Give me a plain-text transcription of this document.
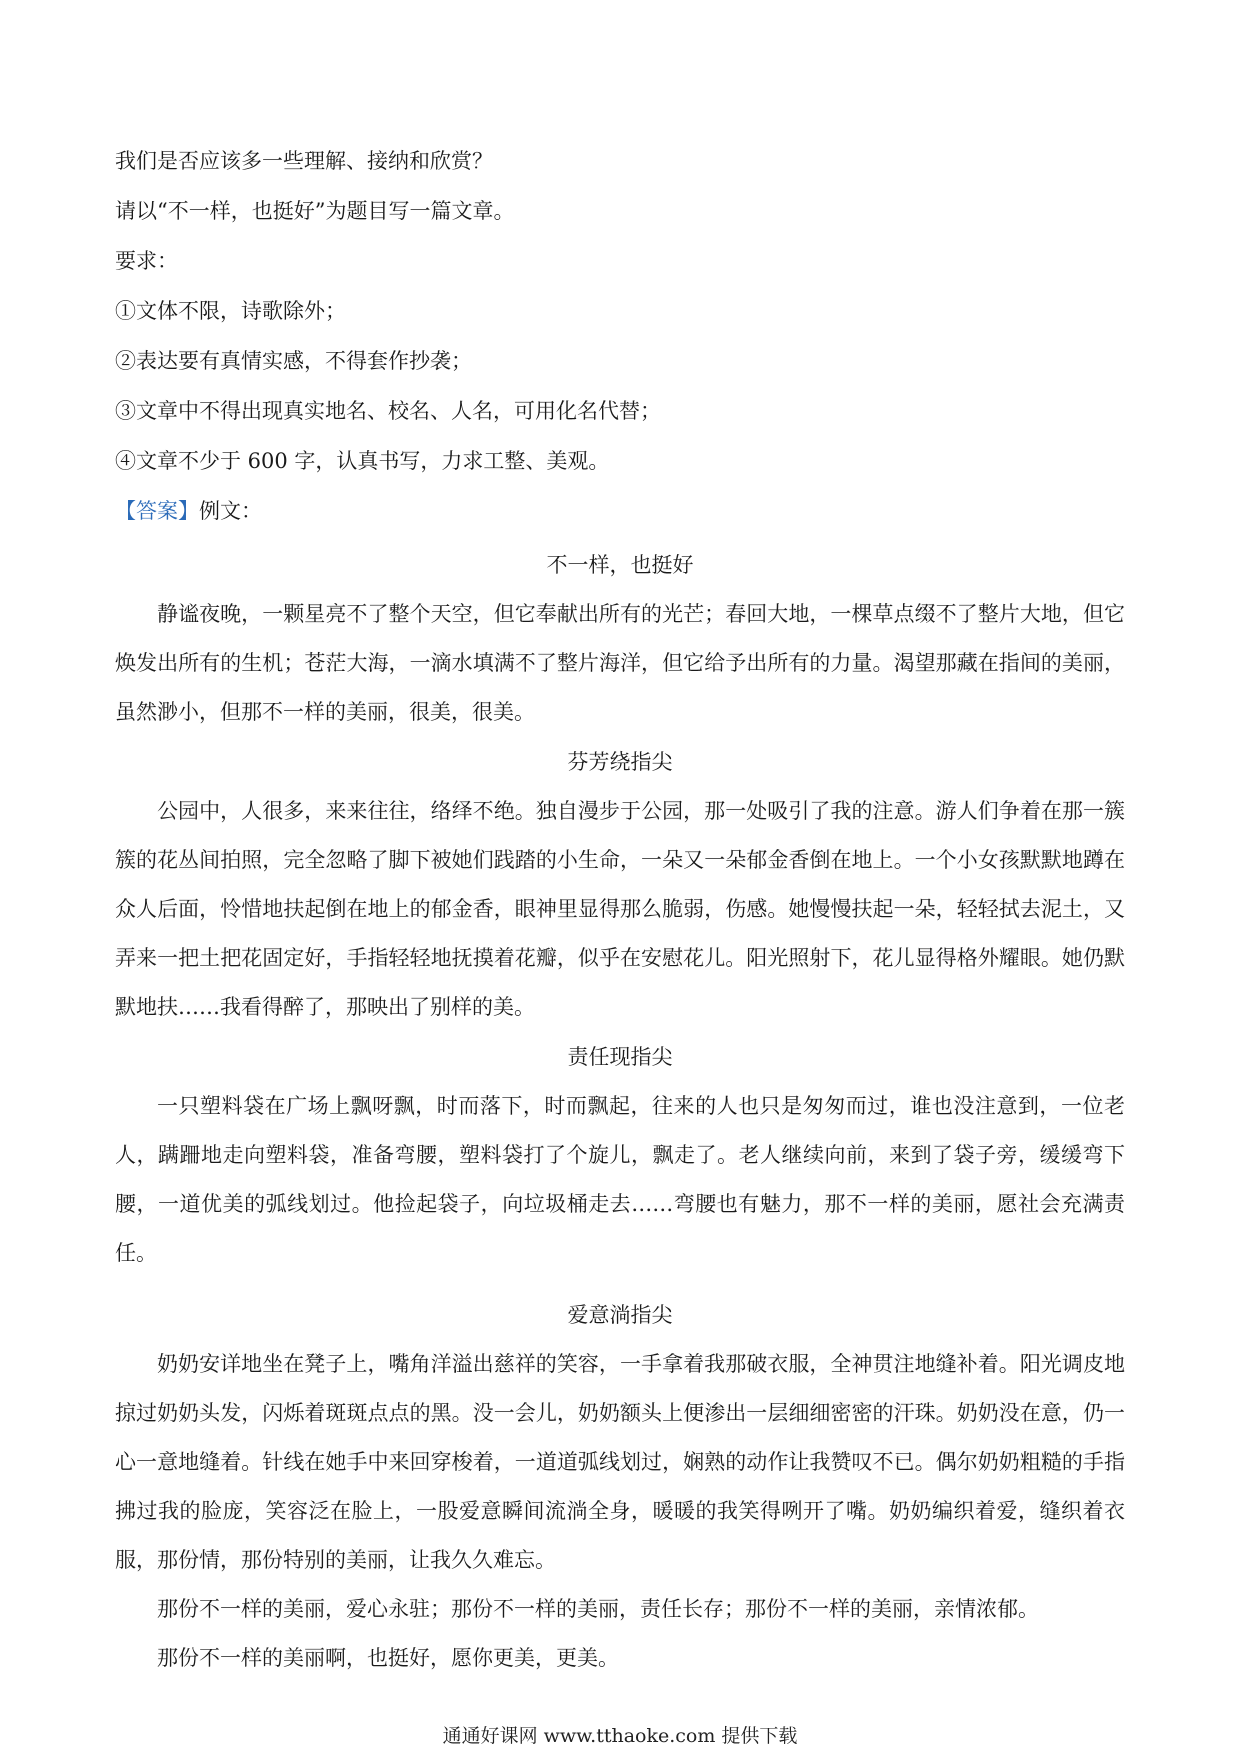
我们是否应该多一些理解、接纳和欣赏？

请以“不一样，也挺好”为题目写一篇文章。

要求：

①文体不限，诗歌除外；

②表达要有真情实感，不得套作抄袭；

③文章中不得出现真实地名、校名、人名，可用化名代替；

④文章不少于 600 字，认真书写，力求工整、美观。

【答案】例文：

不一样，也挺好

静谧夜晚，一颗星亮不了整个天空，但它奉献出所有的光芒；春回大地，一棵草点缀不了整片大地，但它焕发出所有的生机；苍茫大海，一滴水填满不了整片海洋，但它给予出所有的力量。渴望那藏在指间的美丽，虽然渺小，但那不一样的美丽，很美，很美。

芬芳绕指尖

公园中，人很多，来来往往，络绎不绝。独自漫步于公园，那一处吸引了我的注意。游人们争着在那一簇簇的花丛间拍照，完全忽略了脚下被她们践踏的小生命，一朵又一朵郁金香倒在地上。一个小女孩默默地蹲在众人后面，怜惜地扶起倒在地上的郁金香，眼神里显得那么脆弱，伤感。她慢慢扶起一朵，轻轻拭去泥土，又弄来一把土把花固定好，手指轻轻地抚摸着花瓣，似乎在安慰花儿。阳光照射下，花儿显得格外耀眼。她仍默默地扶……我看得醉了，那映出了别样的美。

责任现指尖

一只塑料袋在广场上飘呀飘，时而落下，时而飘起，往来的人也只是匆匆而过，谁也没注意到，一位老人，蹒跚地走向塑料袋，准备弯腰，塑料袋打了个旋儿，飘走了。老人继续向前，来到了袋子旁，缓缓弯下腰，一道优美的弧线划过。他捡起袋子，向垃圾桶走去……弯腰也有魅力，那不一样的美丽，愿社会充满责任。

爱意淌指尖

奶奶安详地坐在凳子上，嘴角洋溢出慈祥的笑容，一手拿着我那破衣服，全神贯注地缝补着。阳光调皮地掠过奶奶头发，闪烁着斑斑点点的黑。没一会儿，奶奶额头上便渗出一层细细密密的汗珠。奶奶没在意，仍一心一意地缝着。针线在她手中来回穿梭着，一道道弧线划过，娴熟的动作让我赞叹不已。偶尔奶奶粗糙的手指拂过我的脸庞，笑容泛在脸上，一股爱意瞬间流淌全身，暖暖的我笑得咧开了嘴。奶奶编织着爱，缝织着衣服，那份情，那份特别的美丽，让我久久难忘。

那份不一样的美丽，爱心永驻；那份不一样的美丽，责任长存；那份不一样的美丽，亲情浓郁。

那份不一样的美丽啊，也挺好，愿你更美，更美。

通通好课网 www.tthaoke.com 提供下载
